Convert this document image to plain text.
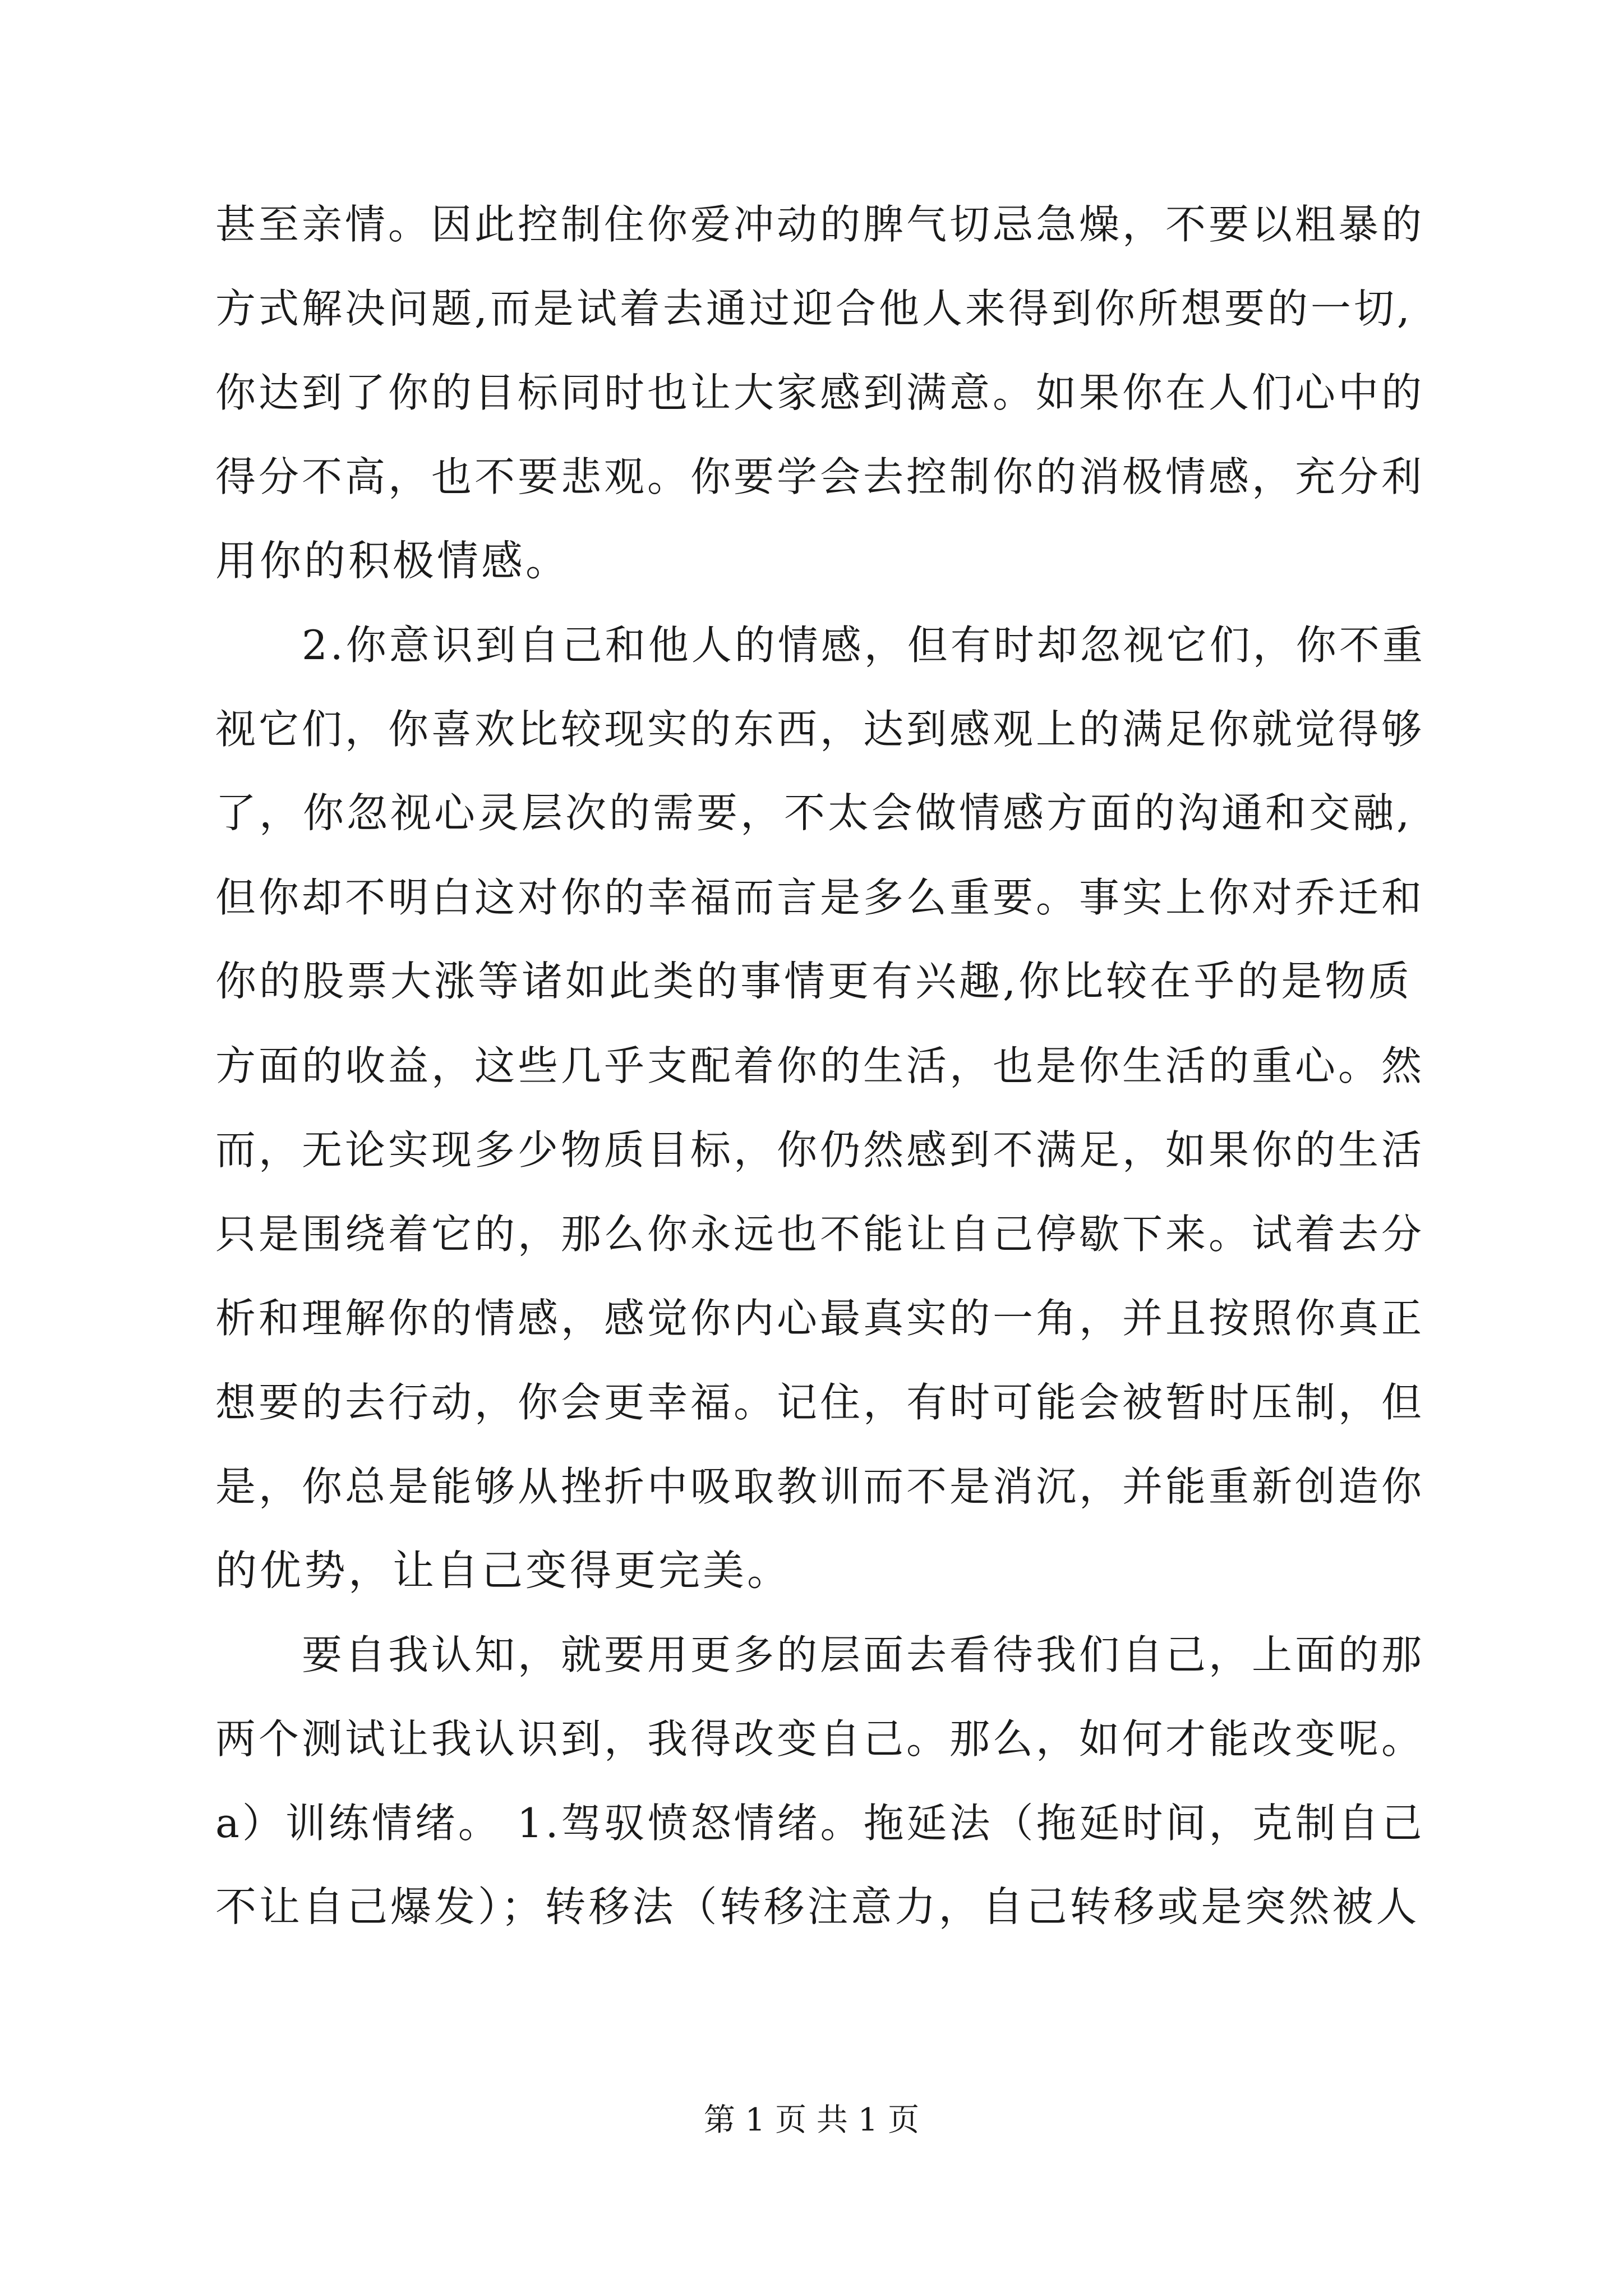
甚至亲情。因此控制住你爱冲动的脾气切忌急燥，不要以粗暴的
方式解决问题,而是试着去通过迎合他人来得到你所想要的一切,
你达到了你的目标同时也让大家感到满意。如果你在人们心中的
得分不高，也不要悲观。你要学会去控制你的消极情感，充分利
用你的积极情感。
　　2.你意识到自己和他人的情感，但有时却忽视它们，你不重
视它们，你喜欢比较现实的东西，达到感观上的满足你就觉得够
了，你忽视心灵层次的需要，不太会做情感方面的沟通和交融,
但你却不明白这对你的幸福而言是多么重要。事实上你对乔迁和
你的股票大涨等诸如此类的事情更有兴趣,你比较在乎的是物质
方面的收益，这些几乎支配着你的生活，也是你生活的重心。然
而，无论实现多少物质目标，你仍然感到不满足，如果你的生活
只是围绕着它的，那么你永远也不能让自己停歇下来。试着去分
析和理解你的情感，感觉你内心最真实的一角，并且按照你真正
想要的去行动，你会更幸福。记住，有时可能会被暂时压制，但
是，你总是能够从挫折中吸取教训而不是消沉，并能重新创造你
的优势，让自己变得更完美。
　　要自我认知，就要用更多的层面去看待我们自己，上面的那
两个测试让我认识到，我得改变自己。那么，如何才能改变呢。
a）训练情绪。 1.驾驭愤怒情绪。拖延法（拖延时间，克制自己
不让自己爆发）；转移法（转移注意力，自己转移或是突然被人
第 1 页 共 1 页
